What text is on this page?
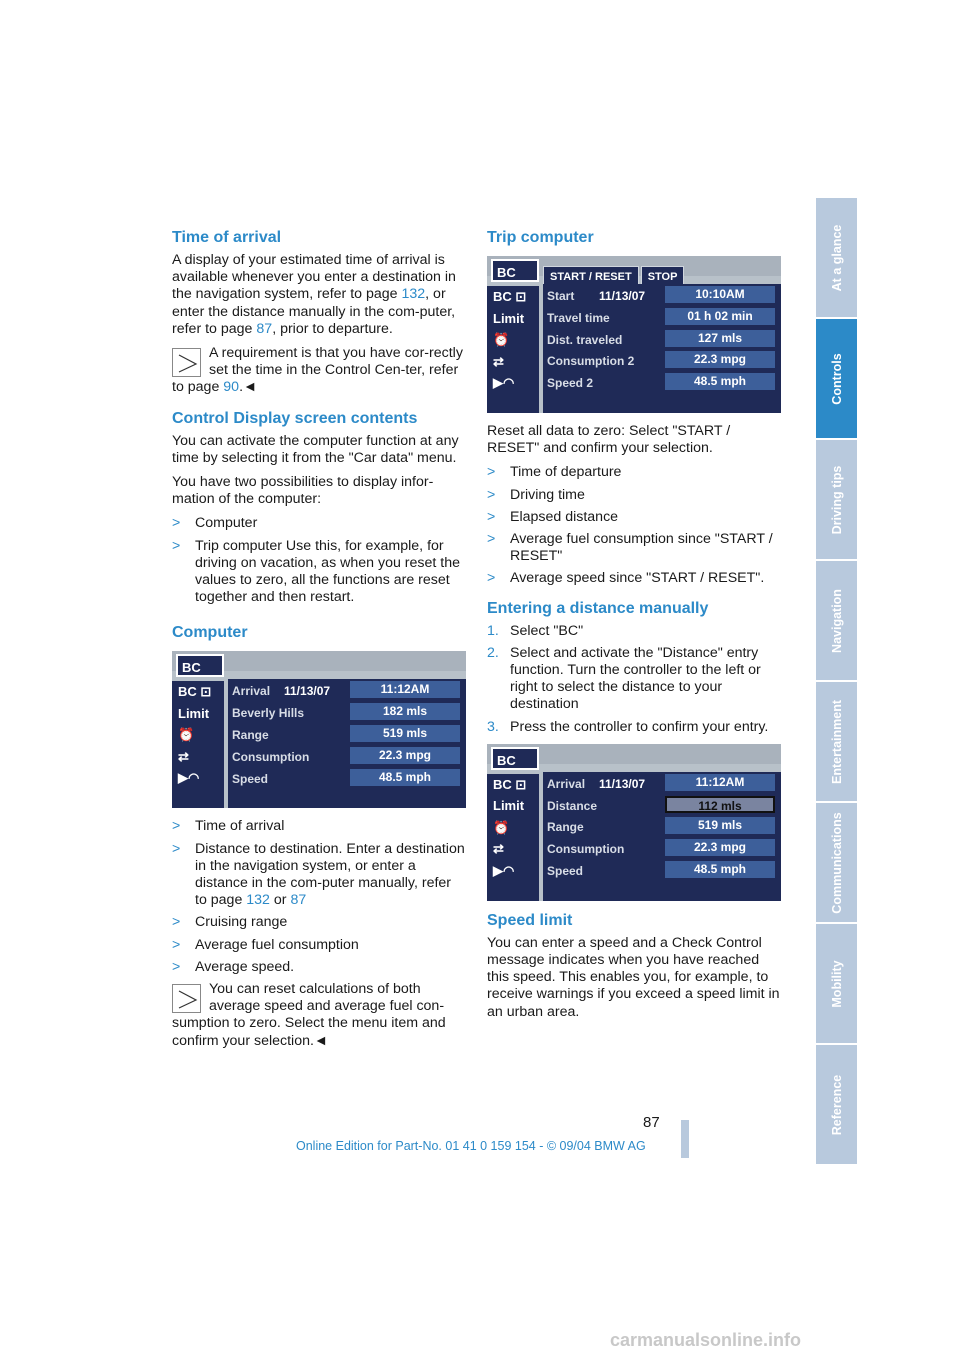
Time of arrival

A display of your estimated time of arrival is available whenever you enter a destination in the navigation system, refer to page 132, or enter the distance manually in the com-puter, refer to page 87, prior to departure.

A requirement is that you have cor-rectly set the time in the Control Cen-ter, refer to page 90.◄

Control Display screen contents

You can activate the computer function at any time by selecting it from the "Car data" menu.

You have two possibilities to display infor-mation of the computer:

> Computer
> Trip computer Use this, for example, for driving on vacation, as when you reset the values to zero, all the functions are reset together and then restart.
Computer
BC
BC ⊡
Limit
⏰
⇄
▶◠
Arrival 11/13/07	11:12AM
Beverly Hills	182 mls
Range	519 mls
Consumption	22.3 mpg
Speed	48.5 mph
> Time of arrival
> Distance to destination. Enter a destination in the navigation system, or enter a distance in the com-puter manually, refer to page 132 or 87
> Cruising range
> Average fuel consumption
> Average speed.

You can reset calculations of both average speed and average fuel con-sumption to zero. Select the menu item and confirm your selection.◄

Trip computer
BC	START / RESET STOP
BC ⊡
Limit
⏰
⇄
▶◠
Start 11/13/07	10:10AM
Travel time	01 h 02 min
Dist. traveled	127 mls
Consumption 2	22.3 mpg
Speed 2	48.5 mph

Reset all data to zero: Select "START / RESET" and confirm your selection.

> Time of departure
> Driving time
> Elapsed distance
> Average fuel consumption since "START / RESET"
> Average speed since "START / RESET".
Entering a distance manually
1. Select "BC"
2. Select and activate the "Distance" entry function. Turn the controller to the left or right to select the distance to your destination
3. Press the controller to confirm your entry.
BC
BC ⊡
Limit
⏰
⇄
▶◠
Arrival 11/13/07	11:12AM
Distance	112 mls
Range	519 mls
Consumption	22.3 mpg
Speed	48.5 mph
Speed limit

You can enter a speed and a Check Control message indicates when you have reached this speed. This enables you, for example, to receive warnings if you exceed a speed limit in an urban area.

At a glance
Controls
Driving tips
Navigation
Entertainment
Communications
Mobility
Reference
87
Online Edition for Part-No. 01 41 0 159 154 - © 09/04 BMW AG
carmanualsonline.info
